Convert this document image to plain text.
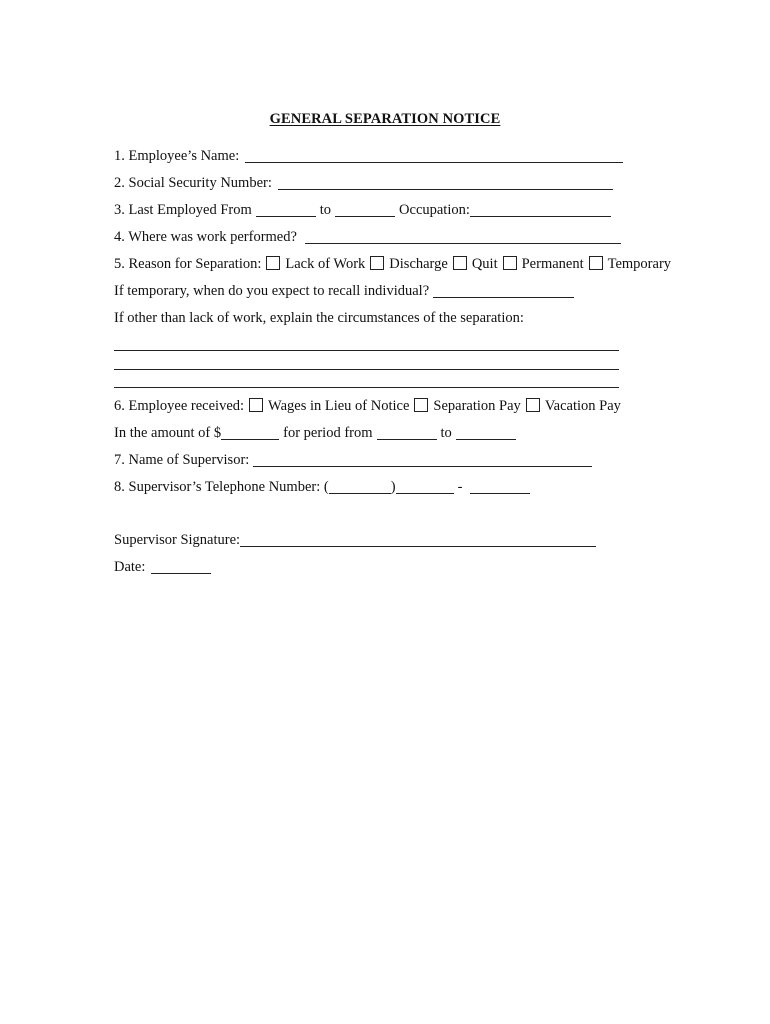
GENERAL SEPARATION NOTICE
1. Employee’s Name:
2. Social Security Number:
3. Last Employed From	to	Occupation:
4. Where was work performed?
5. Reason for Separation: Lack of Work Discharge Quit Permanent Temporary
If temporary, when do you expect to recall individual?
If other than lack of work, explain the circumstances of the separation:
6. Employee received: Wages in Lieu of Notice Separation Pay Vacation Pay
In the amount of $	for period from	to
7. Name of Supervisor:
8. Supervisor’s Telephone Number: (	)	-
Supervisor Signature:
Date:
